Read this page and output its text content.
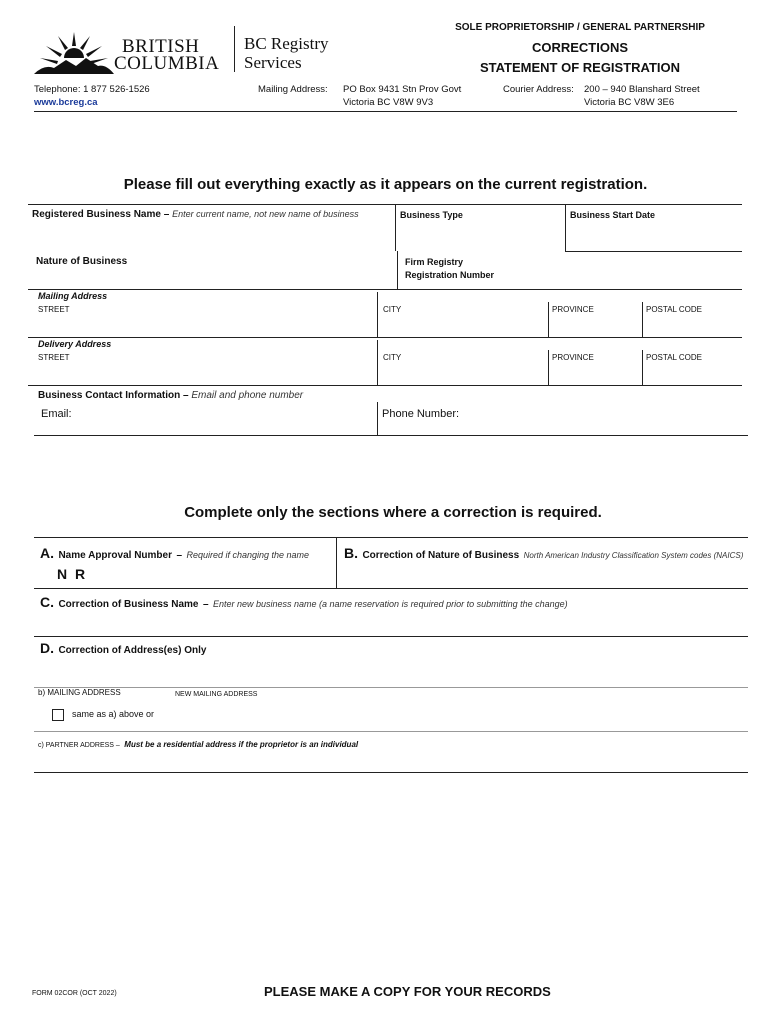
BRITISH
COLUMBIA
BC Registry
Services
SOLE PROPRIETORSHIP / GENERAL PARTNERSHIP
CORRECTIONS
STATEMENT OF REGISTRATION
Telephone: 1 877 526-1526
www.bcreg.ca
Mailing Address: PO Box 9431 Stn Prov Govt
Victoria BC V8W 9V3
Courier Address: 200 – 940 Blanshard Street
Victoria BC V8W 3E6
Please fill out everything exactly as it appears on the current registration.
Registered Business Name – Enter current name, not new name of business	Business Type	Business Start Date
Nature of Business	Firm Registry
Registration Number
Mailing Address
STREET	CITY	PROVINCE	POSTAL CODE
Delivery Address
STREET	CITY	PROVINCE	POSTAL CODE
Business Contact Information – Email and phone number
Email:	Phone Number:
Complete only the sections where a correction is required.
A. Name Approval Number – Required if changing the name
N R
B. Correction of Nature of Business North American Industry Classification System codes (NAICS)
C. Correction of Business Name – Enter new business name (a name reservation is required prior to submitting the change)
D. Correction of Address(es) Only
b) MAILING ADDRESS	NEW MAILING ADDRESS
same as a) above or
c) PARTNER ADDRESS – Must be a residential address if the proprietor is an individual
FORM 02COR (OCT 2022)	PLEASE MAKE A COPY FOR YOUR RECORDS
